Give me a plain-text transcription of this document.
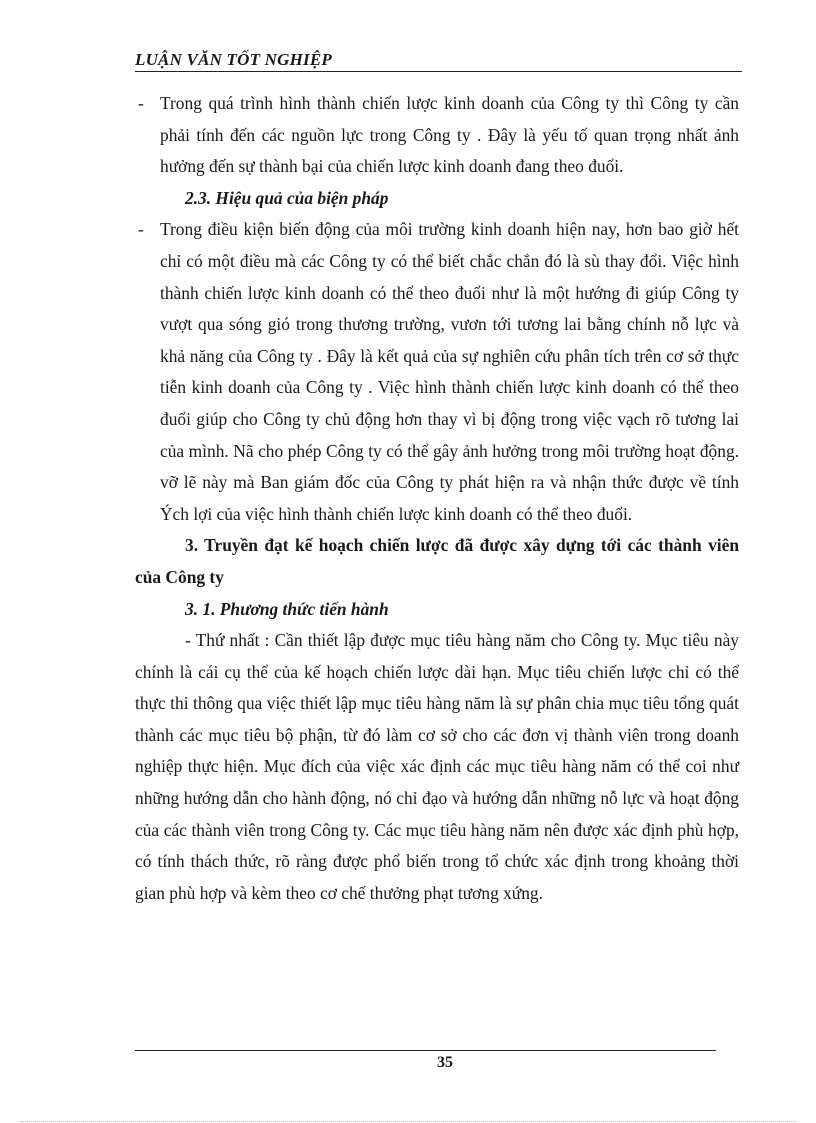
LUẬN VĂN TỐT NGHIỆP

- Trong quá trình hình thành chiến lược kinh doanh của Công ty thì Công ty cần phải tính đến các nguồn lực trong Công ty . Đây là yếu tố quan trọng nhất ảnh hưởng đến sự thành bại của chiến lược kinh doanh đang theo đuổi.

2.3. Hiệu quả của biện pháp

- Trong điều kiện biến động của môi trường kinh doanh hiện nay, hơn bao giờ hết chỉ có một điều mà các Công ty có thể biết chắc chắn đó là sù thay đổi. Việc hình thành chiến lược kinh doanh có thể theo đuổi như là một hướng đi giúp Công ty vượt qua sóng gió trong thương trường, vươn tới tương lai bằng chính nỗ lực và khả năng của Công ty . Đây là kết quả của sự nghiên cứu phân tích trên cơ sở thực tiễn kinh doanh của Công ty . Việc hình thành chiến lược kinh doanh có thể theo đuổi giúp cho Công ty chủ động hơn thay vì bị động trong việc vạch rõ tương lai của mình. Nã cho phép Công ty có thể gây ảnh hưởng trong môi trường hoạt động. vỡ lẽ này mà Ban giám đốc của Công ty phát hiện ra và nhận thức được về tính Ých lợi của việc hình thành chiến lược kinh doanh có thể theo đuổi.

3. Truyền đạt kế hoạch chiến lược đã được xây dựng tới các thành viên của Công ty

3. 1. Phương thức tiến hành

- Thứ nhất : Cần thiết lập được mục tiêu hàng năm cho Công ty. Mục tiêu này chính là cái cụ thể của kế hoạch chiến lược dài hạn. Mục tiêu chiến lược chỉ có thể thực thi thông qua việc thiết lập mục tiêu hàng năm là sự phân chia mục tiêu tổng quát thành các mục tiêu bộ phận, từ đó làm cơ sở cho các đơn vị thành viên trong doanh nghiệp thực hiện. Mục đích của việc xác định các mục tiêu hàng năm có thể coi như những hướng dẫn cho hành động, nó chỉ đạo và hướng dẫn những nỗ lực và hoạt động của các thành viên trong Công ty. Các mục tiêu hàng năm nên được xác định phù hợp, có tính thách thức, rõ ràng được phổ biến trong tổ chức xác định trong khoảng thời gian phù hợp và kèm theo cơ chế thưởng phạt tương xứng.

35
